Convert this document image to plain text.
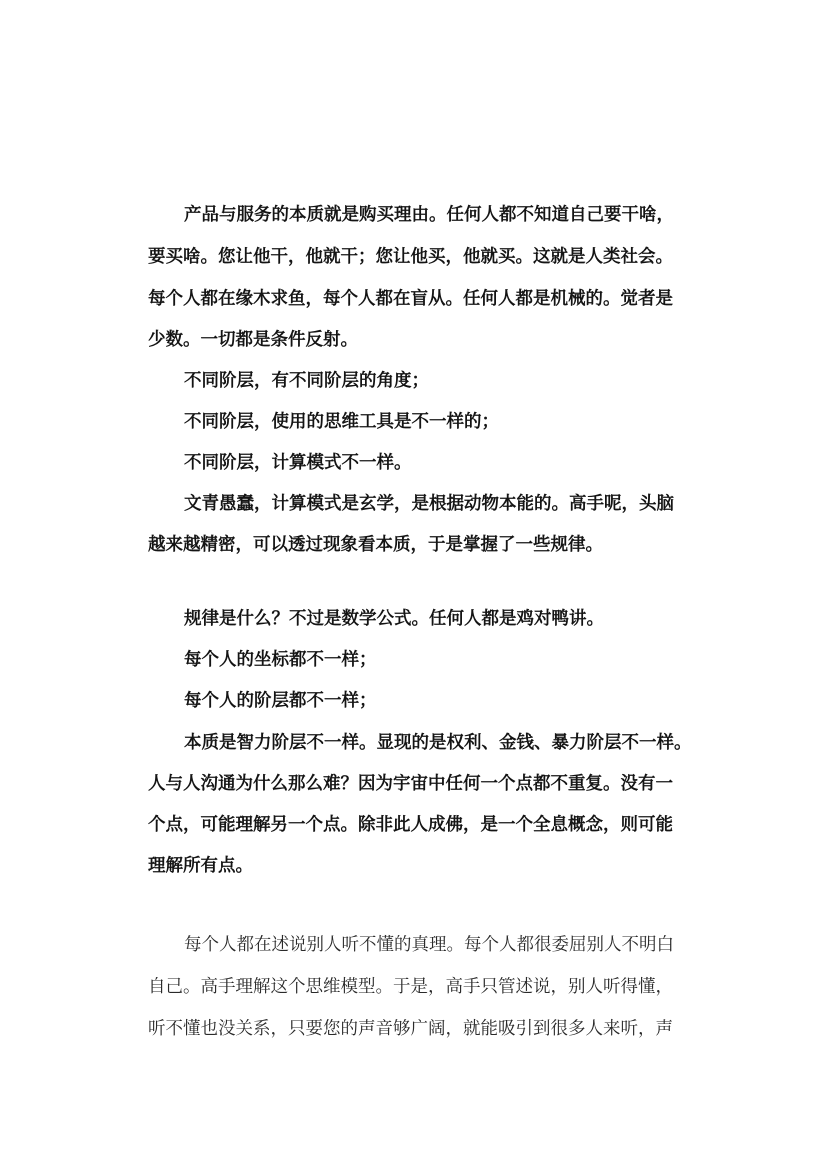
产品与服务的本质就是购买理由。任何人都不知道自己要干啥，
要买啥。您让他干，他就干；您让他买，他就买。这就是人类社会。
每个人都在缘木求鱼，每个人都在盲从。任何人都是机械的。觉者是
少数。一切都是条件反射。
不同阶层，有不同阶层的角度；
不同阶层，使用的思维工具是不一样的；
不同阶层，计算模式不一样。
文青愚蠢，计算模式是玄学，是根据动物本能的。高手呢，头脑
越来越精密，可以透过现象看本质，于是掌握了一些规律。
规律是什么？不过是数学公式。任何人都是鸡对鸭讲。
每个人的坐标都不一样；
每个人的阶层都不一样；
本质是智力阶层不一样。显现的是权利、金钱、暴力阶层不一样。
人与人沟通为什么那么难？因为宇宙中任何一个点都不重复。没有一
个点，可能理解另一个点。除非此人成佛，是一个全息概念，则可能
理解所有点。
每个人都在述说别人听不懂的真理。每个人都很委屈别人不明白
自己。高手理解这个思维模型。于是，高手只管述说，别人听得懂，
听不懂也没关系，只要您的声音够广阔，就能吸引到很多人来听，声
